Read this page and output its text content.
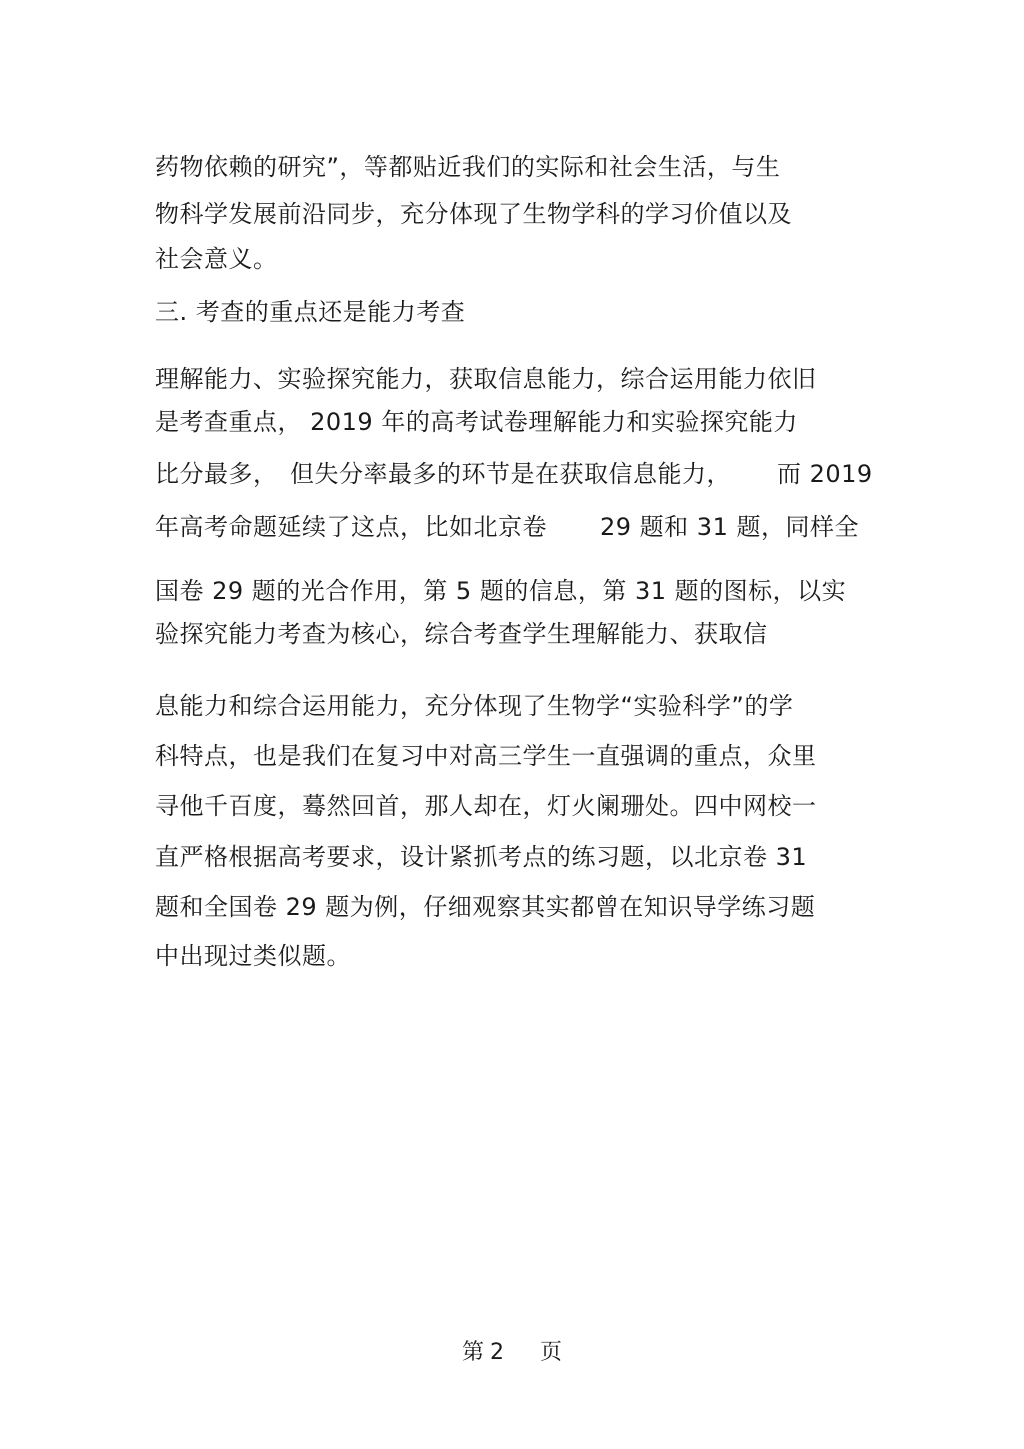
药物依赖的研究”，等都贴近我们的实际和社会生活，与生
物科学发展前沿同步，充分体现了生物学科的学习价值以及
社会意义。
三. 考查的重点还是能力考查
理解能力、实验探究能力，获取信息能力，综合运用能力依旧
是考查重点， 2019 年的高考试卷理解能力和实验探究能力
比分最多， 但失分率最多的环节是在获取信息能力， 而 2019
年高考命题延续了这点，比如北京卷 29 题和 31 题，同样全
国卷 29 题的光合作用，第 5 题的信息，第 31 题的图标，以实
验探究能力考查为核心，综合考查学生理解能力、获取信
息能力和综合运用能力，充分体现了生物学“实验科学”的学
科特点，也是我们在复习中对高三学生一直强调的重点，众里
寻他千百度，蓦然回首，那人却在，灯火阑珊处。四中网校一
直严格根据高考要求，设计紧抓考点的练习题，以北京卷 31
题和全国卷 29 题为例，仔细观察其实都曾在知识导学练习题
中出现过类似题。
第 2 页
